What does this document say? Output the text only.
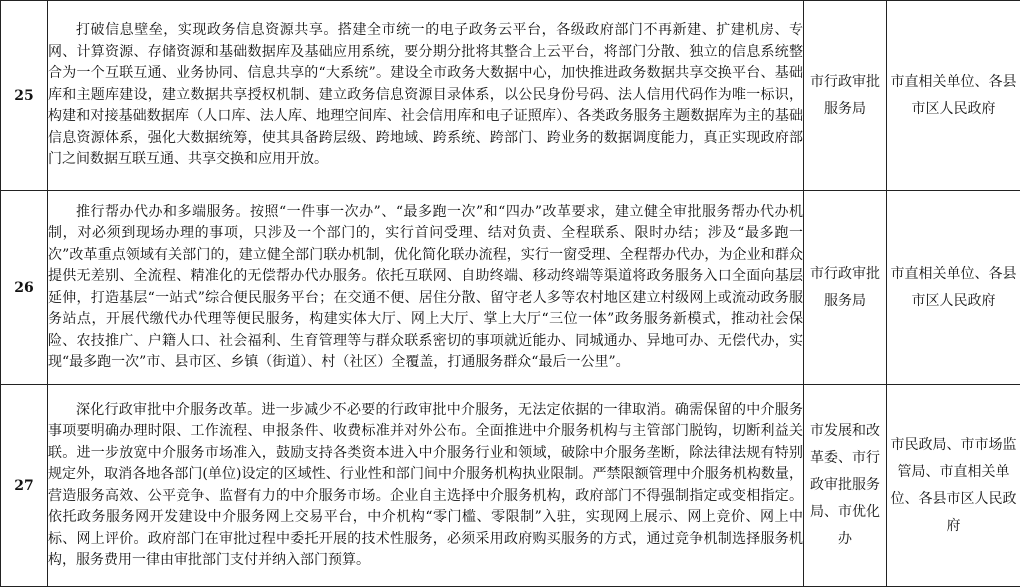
25	打破信息壁垒，实现政务信息资源共享。搭建全市统一的电子政务云平台，各级政府部门不再新建、扩建机房、专网、计算资源、存储资源和基础数据库及基础应用系统，要分期分批将其整合上云平台，将部门分散、独立的信息系统整合为一个互联互通、业务协同、信息共享的“大系统”。建设全市政务大数据中心，加快推进政务数据共享交换平台、基础库和主题库建设，建立数据共享授权机制、建立政务信息资源目录体系，以公民身份号码、法人信用代码作为唯一标识，构建和对接基础数据库（人口库、法人库、地理空间库、社会信用库和电子证照库）、各类政务服务主题数据库为主的基础信息资源体系，强化大数据统筹，使其具备跨层级、跨地域、跨系统、跨部门、跨业务的数据调度能力，真正实现政府部门之间数据互联互通、共享交换和应用开放。	市行政审批服务局	市直相关单位、各县市区人民政府
26	推行帮办代办和多端服务。按照“一件事一次办”、“最多跑一次”和“四办”改革要求，建立健全审批服务帮办代办机制，对必须到现场办理的事项，只涉及一个部门的，实行首问受理、结对负责、全程联系、限时办结；涉及“最多跑一次”改革重点领域有关部门的，建立健全部门联办机制，优化简化联办流程，实行一窗受理、全程帮办代办，为企业和群众提供无差别、全流程、精准化的无偿帮办代办服务。依托互联网、自助终端、移动终端等渠道将政务服务入口全面向基层延伸，打造基层“一站式”综合便民服务平台；在交通不便、居住分散、留守老人多等农村地区建立村级网上或流动政务服务站点，开展代缴代办代理等便民服务，构建实体大厅、网上大厅、掌上大厅“三位一体”政务服务新模式，推动社会保险、农技推广、户籍人口、社会福利、生育管理等与群众联系密切的事项就近能办、同城通办、异地可办、无偿代办，实现“最多跑一次”市、县市区、乡镇（街道）、村（社区）全覆盖，打通服务群众“最后一公里”。	市行政审批服务局	市直相关单位、各县市区人民政府
27	深化行政审批中介服务改革。进一步减少不必要的行政审批中介服务，无法定依据的一律取消。确需保留的中介服务事项要明确办理时限、工作流程、申报条件、收费标准并对外公布。全面推进中介服务机构与主管部门脱钩，切断利益关联。进一步放宽中介服务市场准入，鼓励支持各类资本进入中介服务行业和领域，破除中介服务垄断，除法律法规有特别规定外，取消各地各部门(单位)设定的区域性、行业性和部门间中介服务机构执业限制。严禁限额管理中介服务机构数量，营造服务高效、公平竞争、监督有力的中介服务市场。企业自主选择中介服务机构，政府部门不得强制指定或变相指定。依托政务服务网开发建设中介服务网上交易平台，中介机构“零门槛、零限制”入驻，实现网上展示、网上竞价、网上中标、网上评价。政府部门在审批过程中委托开展的技术性服务，必须采用政府购买服务的方式，通过竞争机制选择服务机构，服务费用一律由审批部门支付并纳入部门预算。	市发展和改革委、市行政审批服务局、市优化办	市民政局、市市场监管局、市直相关单位、各县市区人民政府
